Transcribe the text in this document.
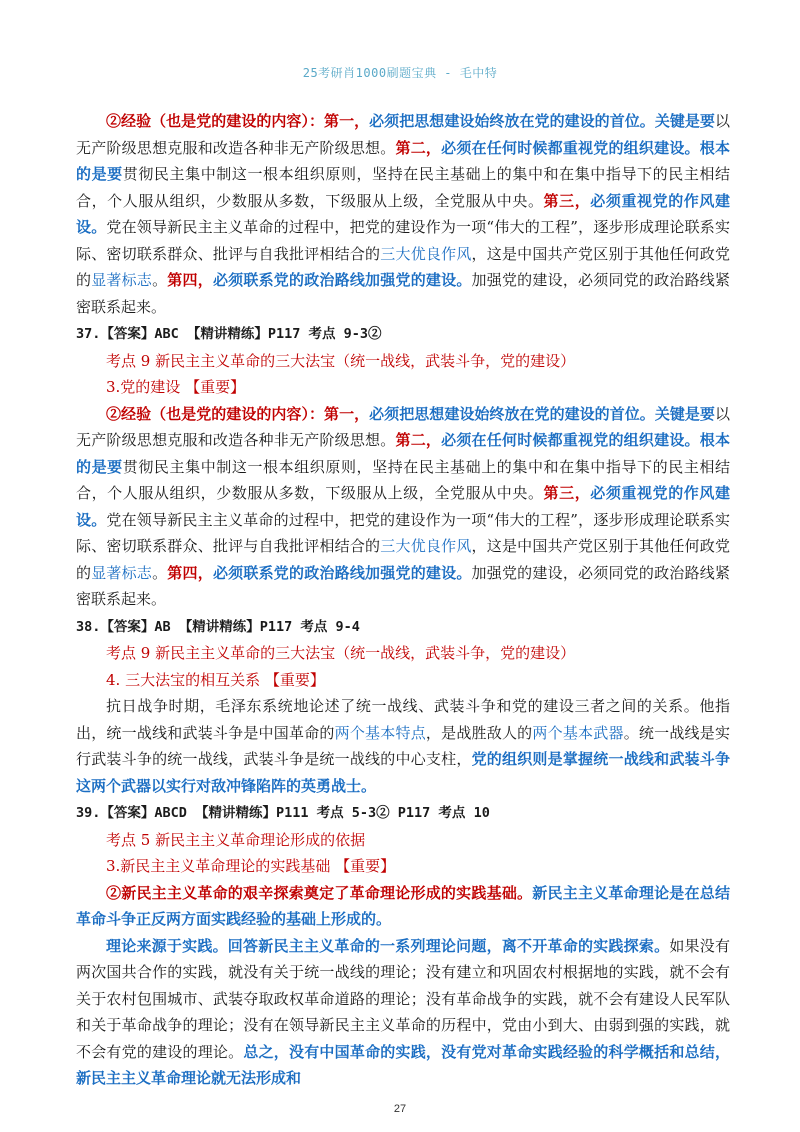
25考研肖1000刷题宝典 - 毛中特

②经验（也是党的建设的内容）：第一，必须把思想建设始终放在党的建设的首位。关键是要以无产阶级思想克服和改造各种非无产阶级思想。第二，必须在任何时候都重视党的组织建设。根本的是要贯彻民主集中制这一根本组织原则，坚持在民主基础上的集中和在集中指导下的民主相结合，个人服从组织，少数服从多数，下级服从上级，全党服从中央。第三，必须重视党的作风建设。党在领导新民主主义革命的过程中，把党的建设作为一项“伟大的工程”，逐步形成理论联系实际、密切联系群众、批评与自我批评相结合的三大优良作风，这是中国共产党区别于其他任何政党的显著标志。第四，必须联系党的政治路线加强党的建设。加强党的建设，必须同党的政治路线紧密联系起来。

37.【答案】ABC 【精讲精练】P117 考点 9-3②

考点 9 新民主主义革命的三大法宝（统一战线，武装斗争，党的建设）

3.党的建设 【重要】

②经验（也是党的建设的内容）：第一，必须把思想建设始终放在党的建设的首位。关键是要以无产阶级思想克服和改造各种非无产阶级思想。第二，必须在任何时候都重视党的组织建设。根本的是要贯彻民主集中制这一根本组织原则，坚持在民主基础上的集中和在集中指导下的民主相结合，个人服从组织，少数服从多数，下级服从上级，全党服从中央。第三，必须重视党的作风建设。党在领导新民主主义革命的过程中，把党的建设作为一项“伟大的工程”，逐步形成理论联系实际、密切联系群众、批评与自我批评相结合的三大优良作风，这是中国共产党区别于其他任何政党的显著标志。第四，必须联系党的政治路线加强党的建设。加强党的建设，必须同党的政治路线紧密联系起来。

38.【答案】AB 【精讲精练】P117 考点 9-4

考点 9 新民主主义革命的三大法宝（统一战线，武装斗争，党的建设）

4. 三大法宝的相互关系 【重要】

抗日战争时期，毛泽东系统地论述了统一战线、武装斗争和党的建设三者之间的关系。他指出，统一战线和武装斗争是中国革命的两个基本特点，是战胜敌人的两个基本武器。统一战线是实行武装斗争的统一战线，武装斗争是统一战线的中心支柱，党的组织则是掌握统一战线和武装斗争这两个武器以实行对敌冲锋陷阵的英勇战士。

39.【答案】ABCD 【精讲精练】P111 考点 5-3② P117 考点 10

考点 5 新民主主义革命理论形成的依据

3.新民主主义革命理论的实践基础 【重要】

②新民主主义革命的艰辛探索奠定了革命理论形成的实践基础。新民主主义革命理论是在总结革命斗争正反两方面实践经验的基础上形成的。

理论来源于实践。回答新民主主义革命的一系列理论问题，离不开革命的实践探索。如果没有两次国共合作的实践，就没有关于统一战线的理论；没有建立和巩固农村根据地的实践，就不会有关于农村包围城市、武装夺取政权革命道路的理论；没有革命战争的实践，就不会有建设人民军队和关于革命战争的理论；没有在领导新民主主义革命的历程中，党由小到大、由弱到强的实践，就不会有党的建设的理论。总之，没有中国革命的实践，没有党对革命实践经验的科学概括和总结，新民主主义革命理论就无法形成和

27
